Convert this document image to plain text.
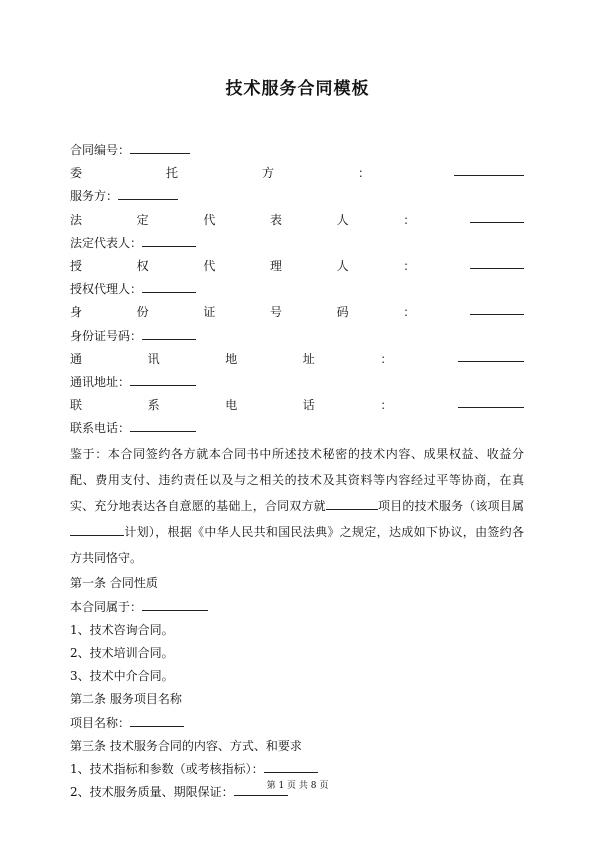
技术服务合同模板
合同编号：
委	托	方	：
服务方：
法	定	代	表	人	：
法定代表人：
授	权	代	理	人	：
授权代理人：
身	份	证	号	码	：
身份证号码：
通	讯	地	址	：
通讯地址：
联	系	电	话	：
联系电话：
鉴于：本合同签约各方就本合同书中所述技术秘密的技术内容、成果权益、收益分配、费用支付、违约责任以及与之相关的技术及其资料等内容经过平等协商，在真实、充分地表达各自意愿的基础上，合同双方就	项目的技术服务（该项目属计划），根据《中华人民共和国民法典》之规定，达成如下协议，由签约各方共同恪守。
第一条 合同性质
本合同属于：
1、技术咨询合同。
2、技术培训合同。
3、技术中介合同。
第二条 服务项目名称
项目名称：
第三条 技术服务合同的内容、方式、和要求
1、技术指标和参数（或考核指标）：
2、技术服务质量、期限保证：	第 1 页 共 8 页
